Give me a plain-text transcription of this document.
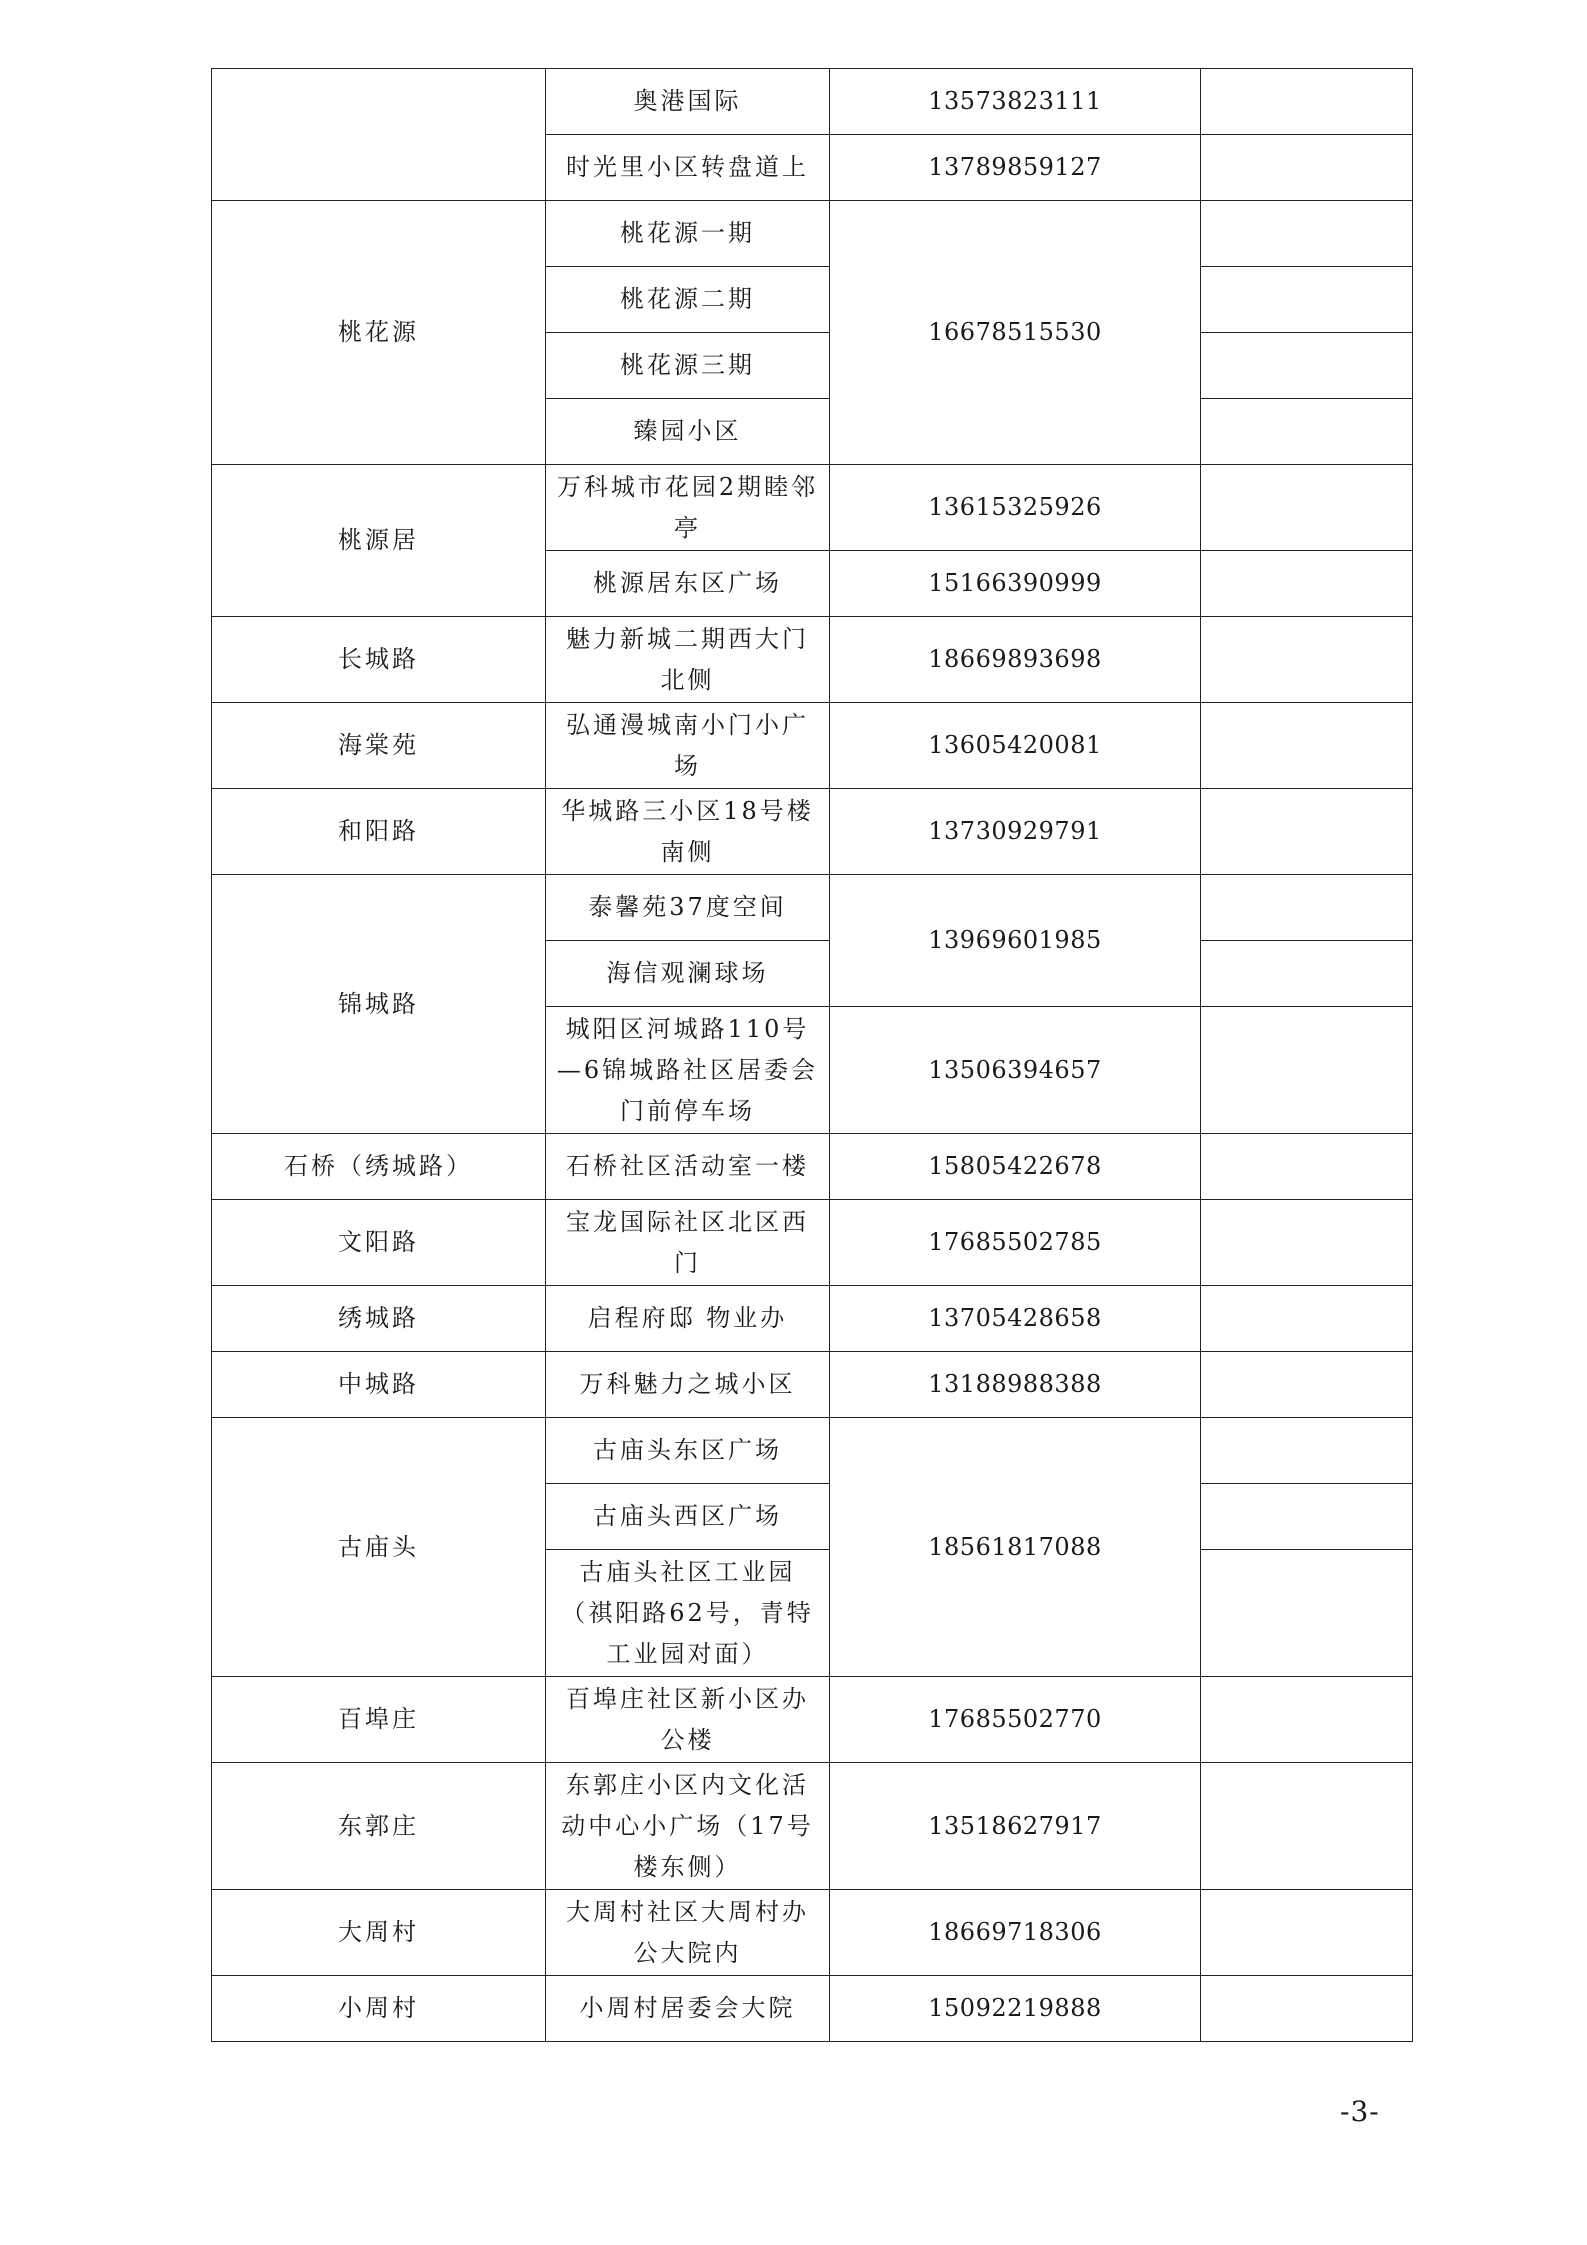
	奥港国际	13573823111	
	时光里小区转盘道上	13789859127	
桃花源	桃花源一期	16678515530	
	桃花源二期		
	桃花源三期		
	臻园小区		
桃源居	万科城市花园2期睦邻亭	13615325926	
	桃源居东区广场	15166390999	
长城路	魅力新城二期西大门北侧	18669893698	
海棠苑	弘通漫城南小门小广场	13605420081	
和阳路	华城路三小区18号楼南侧	13730929791	
锦城路	泰馨苑37度空间	13969601985	
	海信观澜球场		
	城阳区河城路110号—6锦城路社区居委会门前停车场	13506394657	
石桥（绣城路）	石桥社区活动室一楼	15805422678	
文阳路	宝龙国际社区北区西门	17685502785	
绣城路	启程府邸 物业办	13705428658	
中城路	万科魅力之城小区	13188988388	
古庙头	古庙头东区广场	18561817088	
	古庙头西区广场		
	古庙头社区工业园（祺阳路62号，青特工业园对面）		
百埠庄	百埠庄社区新小区办公楼	17685502770	
东郭庄	东郭庄小区内文化活动中心小广场（17号楼东侧）	13518627917	
大周村	大周村社区大周村办公大院内	18669718306	
小周村	小周村居委会大院	15092219888	
-3-
